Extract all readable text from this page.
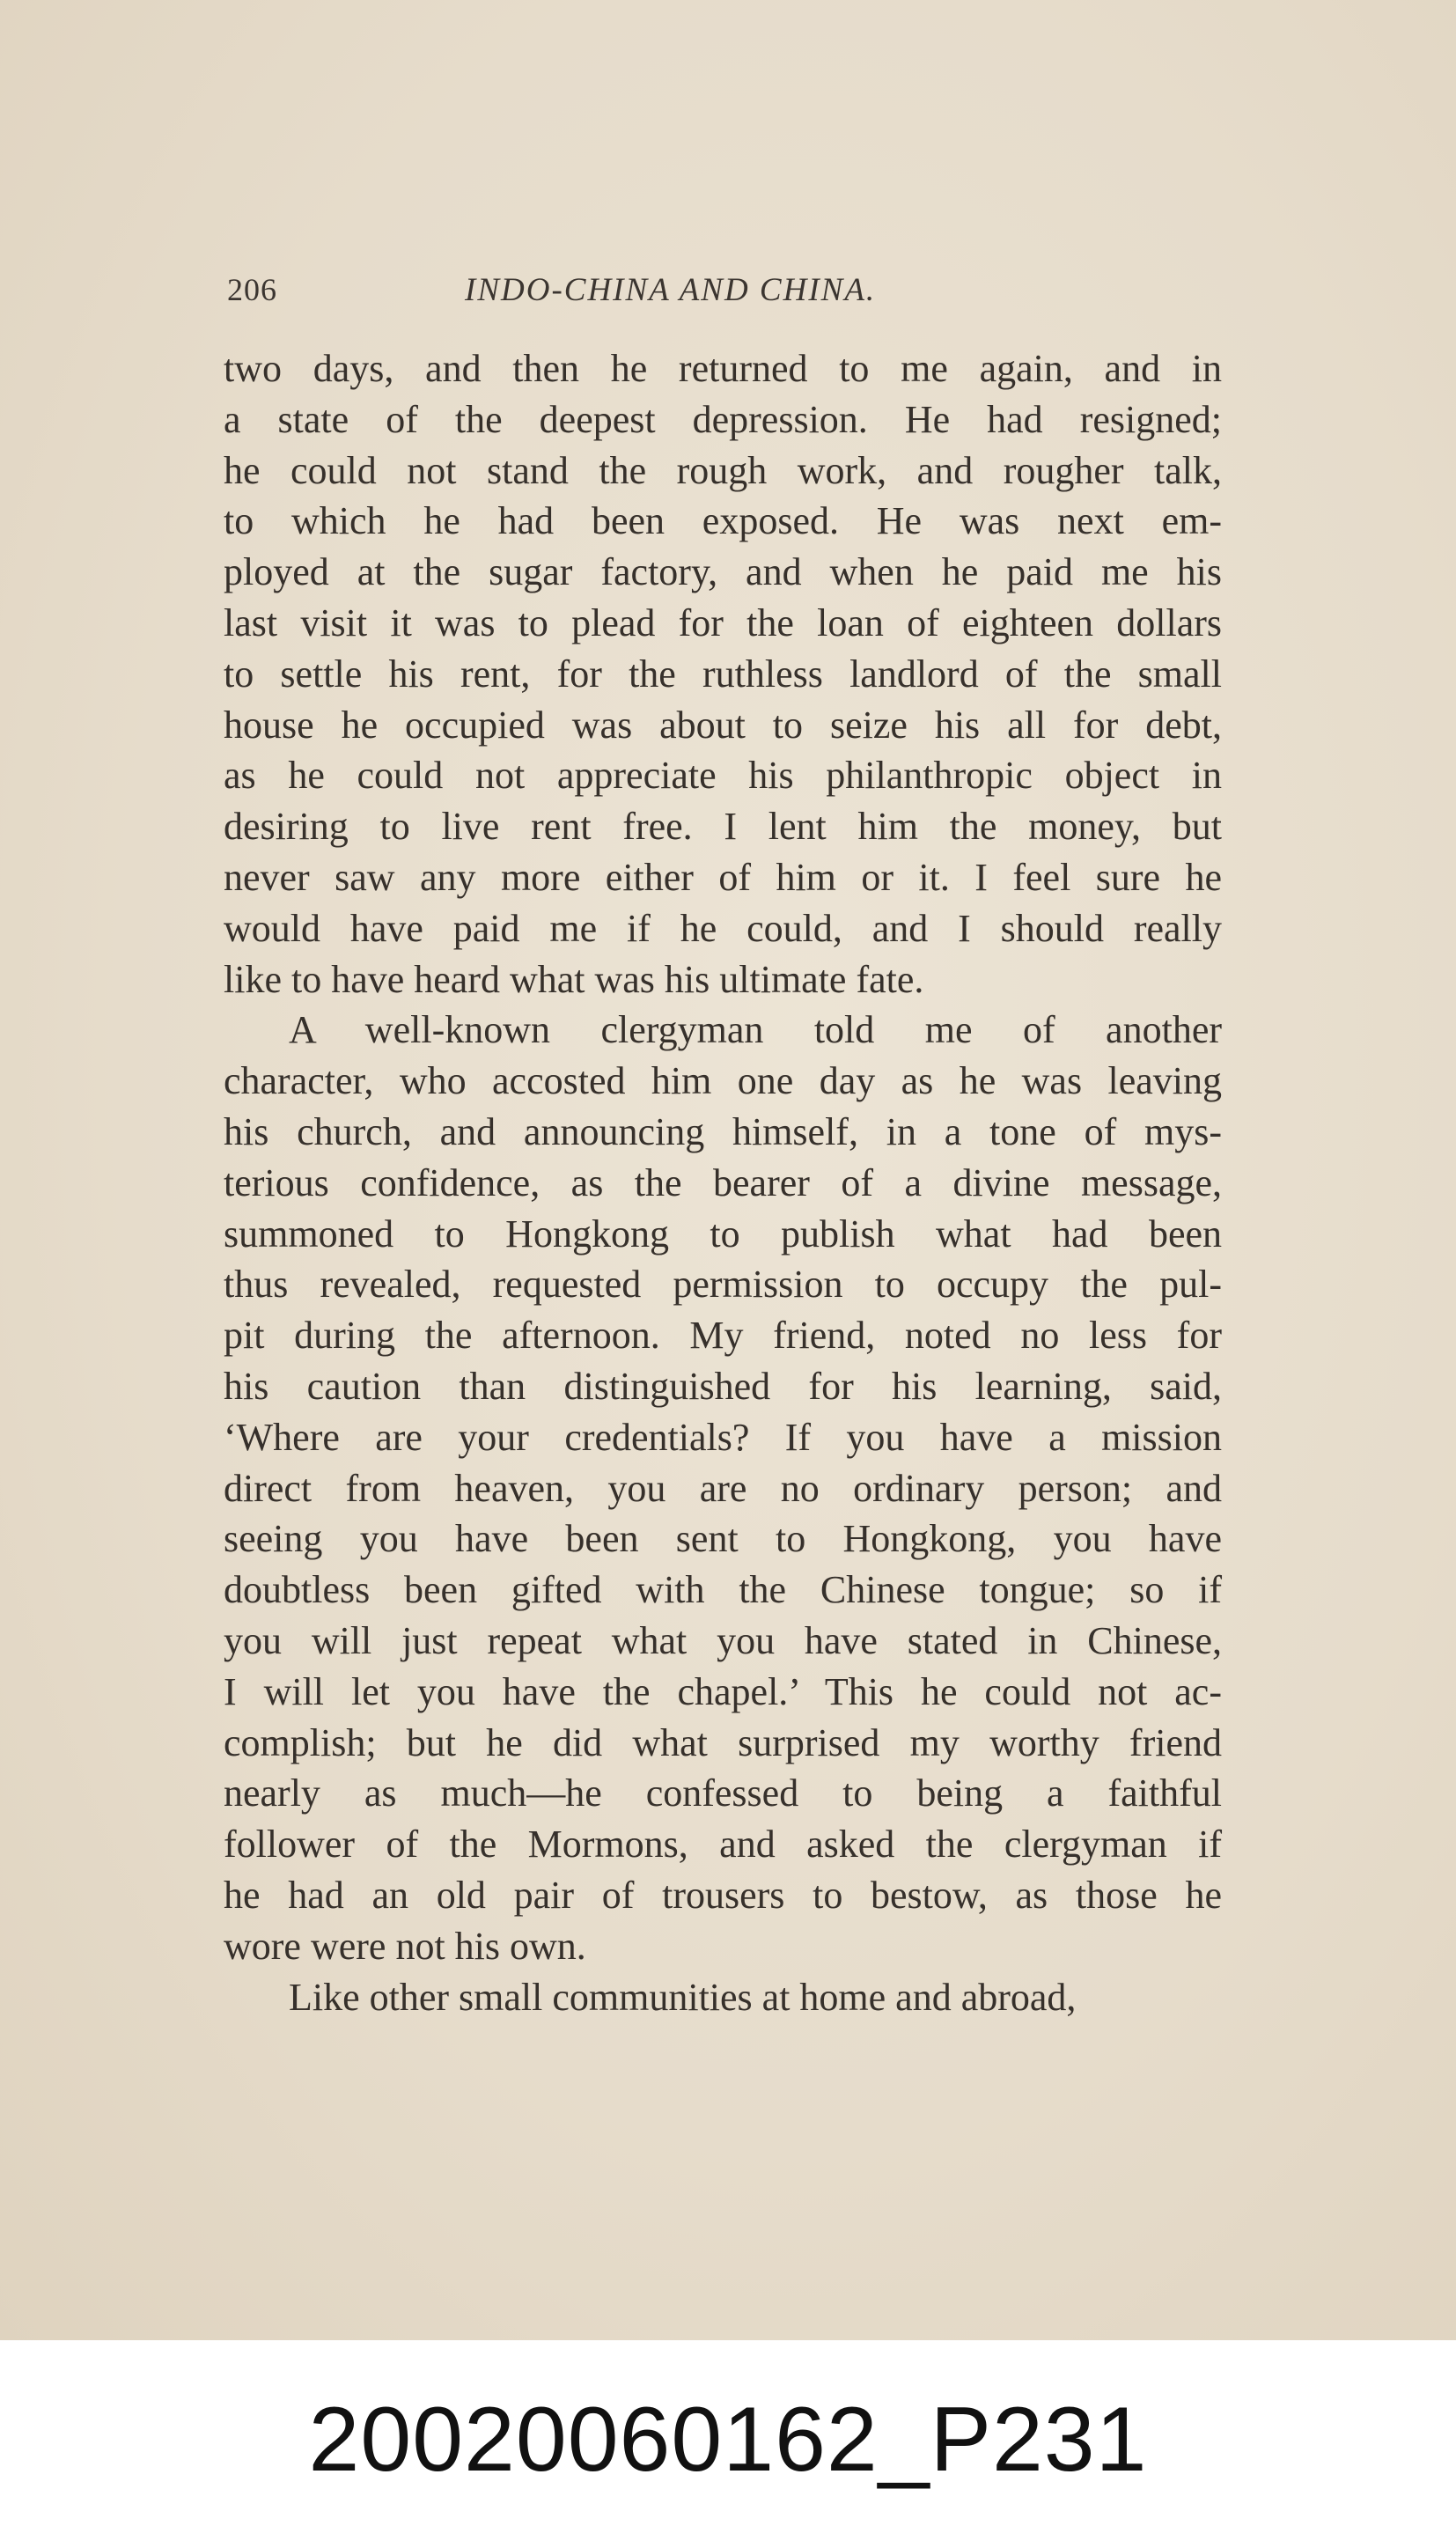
206	INDO-CHINA AND CHINA.
two days, and then he returned to me again, and in
a state of the deepest depression. He had resigned;
he could not stand the rough work, and rougher talk,
to which he had been exposed. He was next em-
ployed at the sugar factory, and when he paid me his
last visit it was to plead for the loan of eighteen dollars
to settle his rent, for the ruthless landlord of the small
house he occupied was about to seize his all for debt,
as he could not appreciate his philanthropic object in
desiring to live rent free. I lent him the money, but
never saw any more either of him or it. I feel sure he
would have paid me if he could, and I should really
like to have heard what was his ultimate fate.
A well-known clergyman told me of another
character, who accosted him one day as he was leaving
his church, and announcing himself, in a tone of mys-
terious confidence, as the bearer of a divine message,
summoned to Hongkong to publish what had been
thus revealed, requested permission to occupy the pul-
pit during the afternoon. My friend, noted no less for
his caution than distinguished for his learning, said,
‘Where are your credentials? If you have a mission
direct from heaven, you are no ordinary person; and
seeing you have been sent to Hongkong, you have
doubtless been gifted with the Chinese tongue; so if
you will just repeat what you have stated in Chinese,
I will let you have the chapel.’ This he could not ac-
complish; but he did what surprised my worthy friend
nearly as much—he confessed to being a faithful
follower of the Mormons, and asked the clergyman if
he had an old pair of trousers to bestow, as those he
wore were not his own.
Like other small communities at home and abroad,
20020060162_P231
